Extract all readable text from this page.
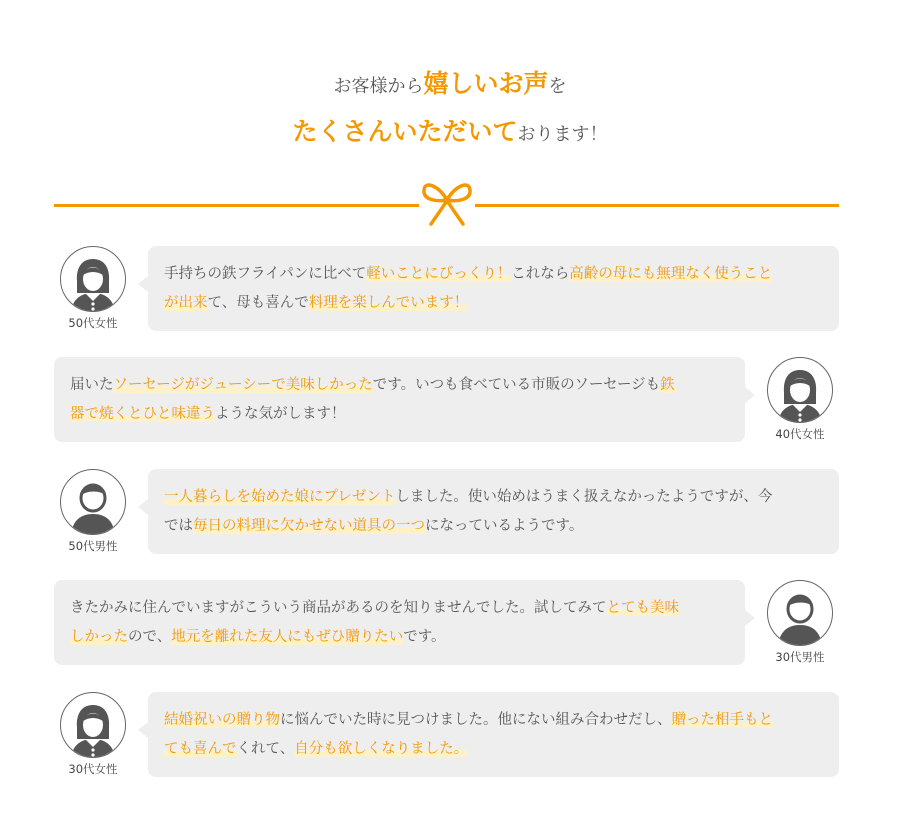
お客様から嬉しいお声を
たくさんいただいております！
手持ちの鉄フライパンに比べて軽いことにびっくり！これなら高齢の母にも無理なく使うこと
が出来て、母も喜んで料理を楽しんでいます！
50代女性
届いたソーセージがジューシーで美味しかったです。いつも食べている市販のソーセージも鉄
器で焼くとひと味違うような気がします！
40代女性
一人暮らしを始めた娘にプレゼントしました。使い始めはうまく扱えなかったようですが、今
では毎日の料理に欠かせない道具の一つになっているようです。
50代男性
きたかみに住んでいますがこういう商品があるのを知りませんでした。試してみてとても美味
しかったので、地元を離れた友人にもぜひ贈りたいです。
30代男性
結婚祝いの贈り物に悩んでいた時に見つけました。他にない組み合わせだし、贈った相手もと
ても喜んでくれて、自分も欲しくなりました。
30代女性
